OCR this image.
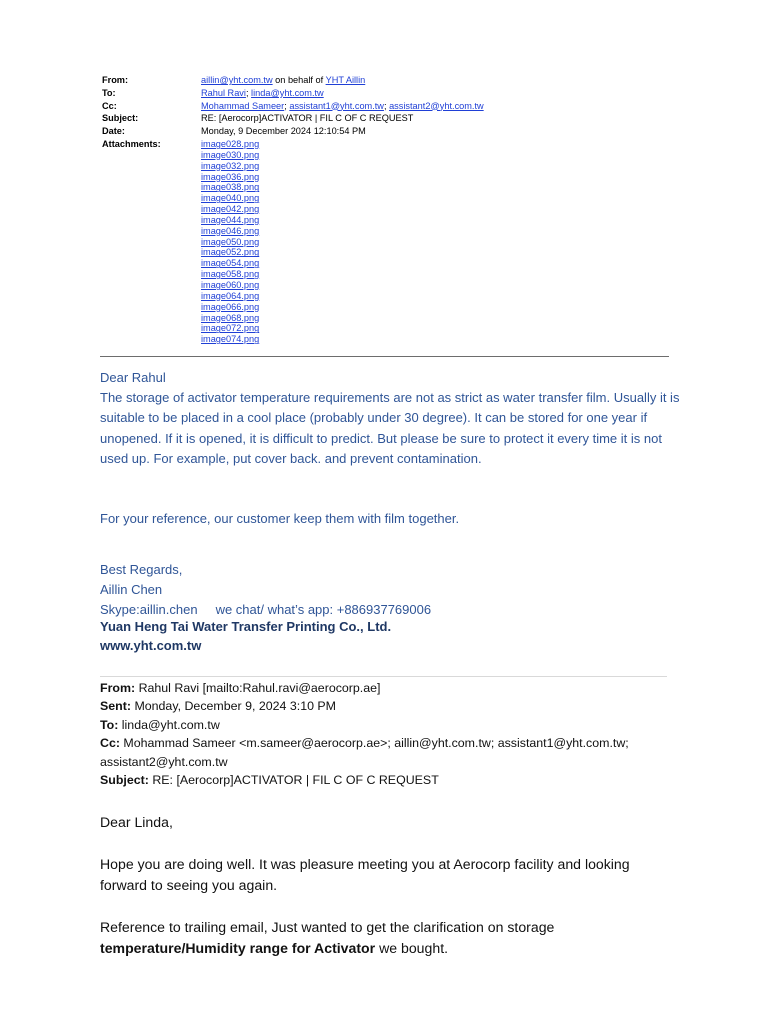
From:	aillin@yht.com.tw on behalf of YHT Aillin
To:	Rahul Ravi; linda@yht.com.tw
Cc:	Mohammad Sameer; assistant1@yht.com.tw; assistant2@yht.com.tw
Subject:	RE: [Aerocorp]ACTIVATOR | FIL C OF C REQUEST
Date:	Monday, 9 December 2024 12:10:54 PM
Attachments:	image028.png
image030.png
image032.png
image036.png
image038.png
image040.png
image042.png
image044.png
image046.png
image050.png
image052.png
image054.png
image058.png
image060.png
image064.png
image066.png
image068.png
image072.png
image074.png

Dear Rahul

The storage of activator temperature requirements are not as strict as water transfer film. Usually it is suitable to be placed in a cool place (probably under 30 degree). It can be stored for one year if unopened. If it is opened, it is difficult to predict. But please be sure to protect it every time it is not used up. For example, put cover back. and prevent contamination.

For your reference, our customer keep them with film together.

Best Regards,

Aillin Chen

Skype:aillin.chen we chat/ what’s app: +886937769006

Yuan Heng Tai Water Transfer Printing Co., Ltd.
www.yht.com.tw
From: Rahul Ravi [mailto:Rahul.ravi@aerocorp.ae]
Sent: Monday, December 9, 2024 3:10 PM
To: linda@yht.com.tw
Cc: Mohammad Sameer <m.sameer@aerocorp.ae>; aillin@yht.com.tw; assistant1@yht.com.tw; assistant2@yht.com.tw
Subject: RE: [Aerocorp]ACTIVATOR | FIL C OF C REQUEST

Dear Linda,

Hope you are doing well. It was pleasure meeting you at Aerocorp facility and looking forward to seeing you again.

Reference to trailing email, Just wanted to get the clarification on storage temperature/Humidity range for Activator we bought.
